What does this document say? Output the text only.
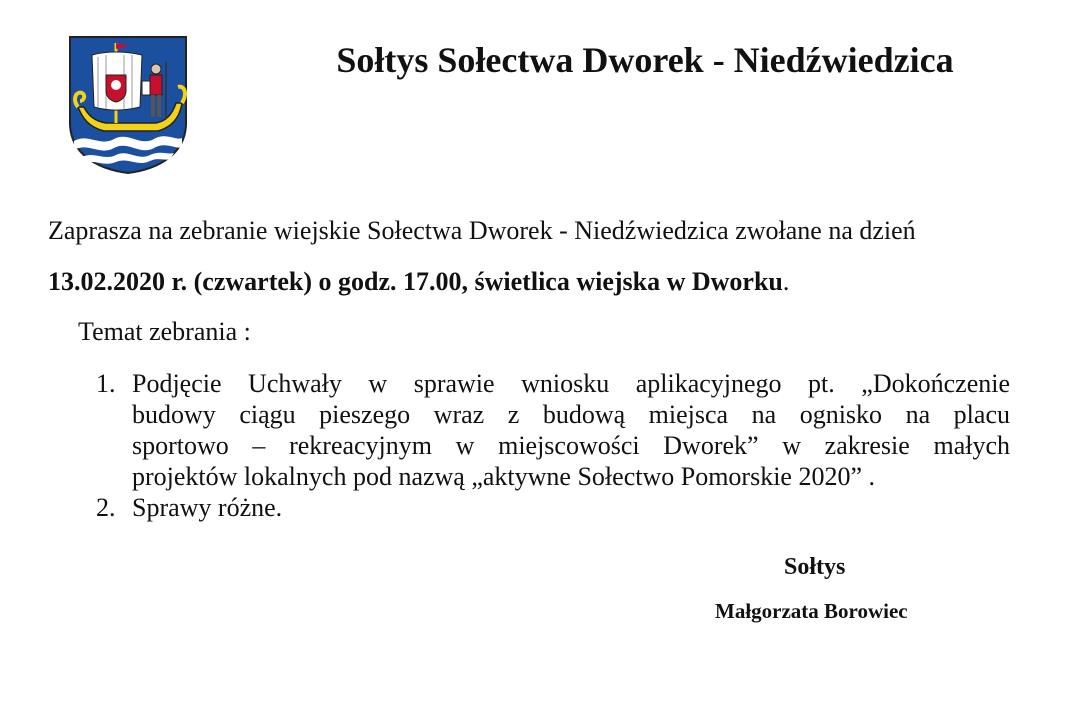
Sołtys Sołectwa Dworek - Niedźwiedzica
Zaprasza na zebranie wiejskie Sołectwa Dworek - Niedźwiedzica zwołane na dzień
13.02.2020 r. (czwartek) o godz. 17.00, świetlica wiejska w Dworku.
Temat zebrania :
1. Podjęcie Uchwały w sprawie wniosku aplikacyjnego pt. „Dokończenie
budowy ciągu pieszego wraz z budową miejsca na ognisko na placu
sportowo – rekreacyjnym w miejscowości Dworek” w zakresie małych
projektów lokalnych pod nazwą „aktywne Sołectwo Pomorskie 2020” .
2. Sprawy różne.
Sołtys
Małgorzata Borowiec
